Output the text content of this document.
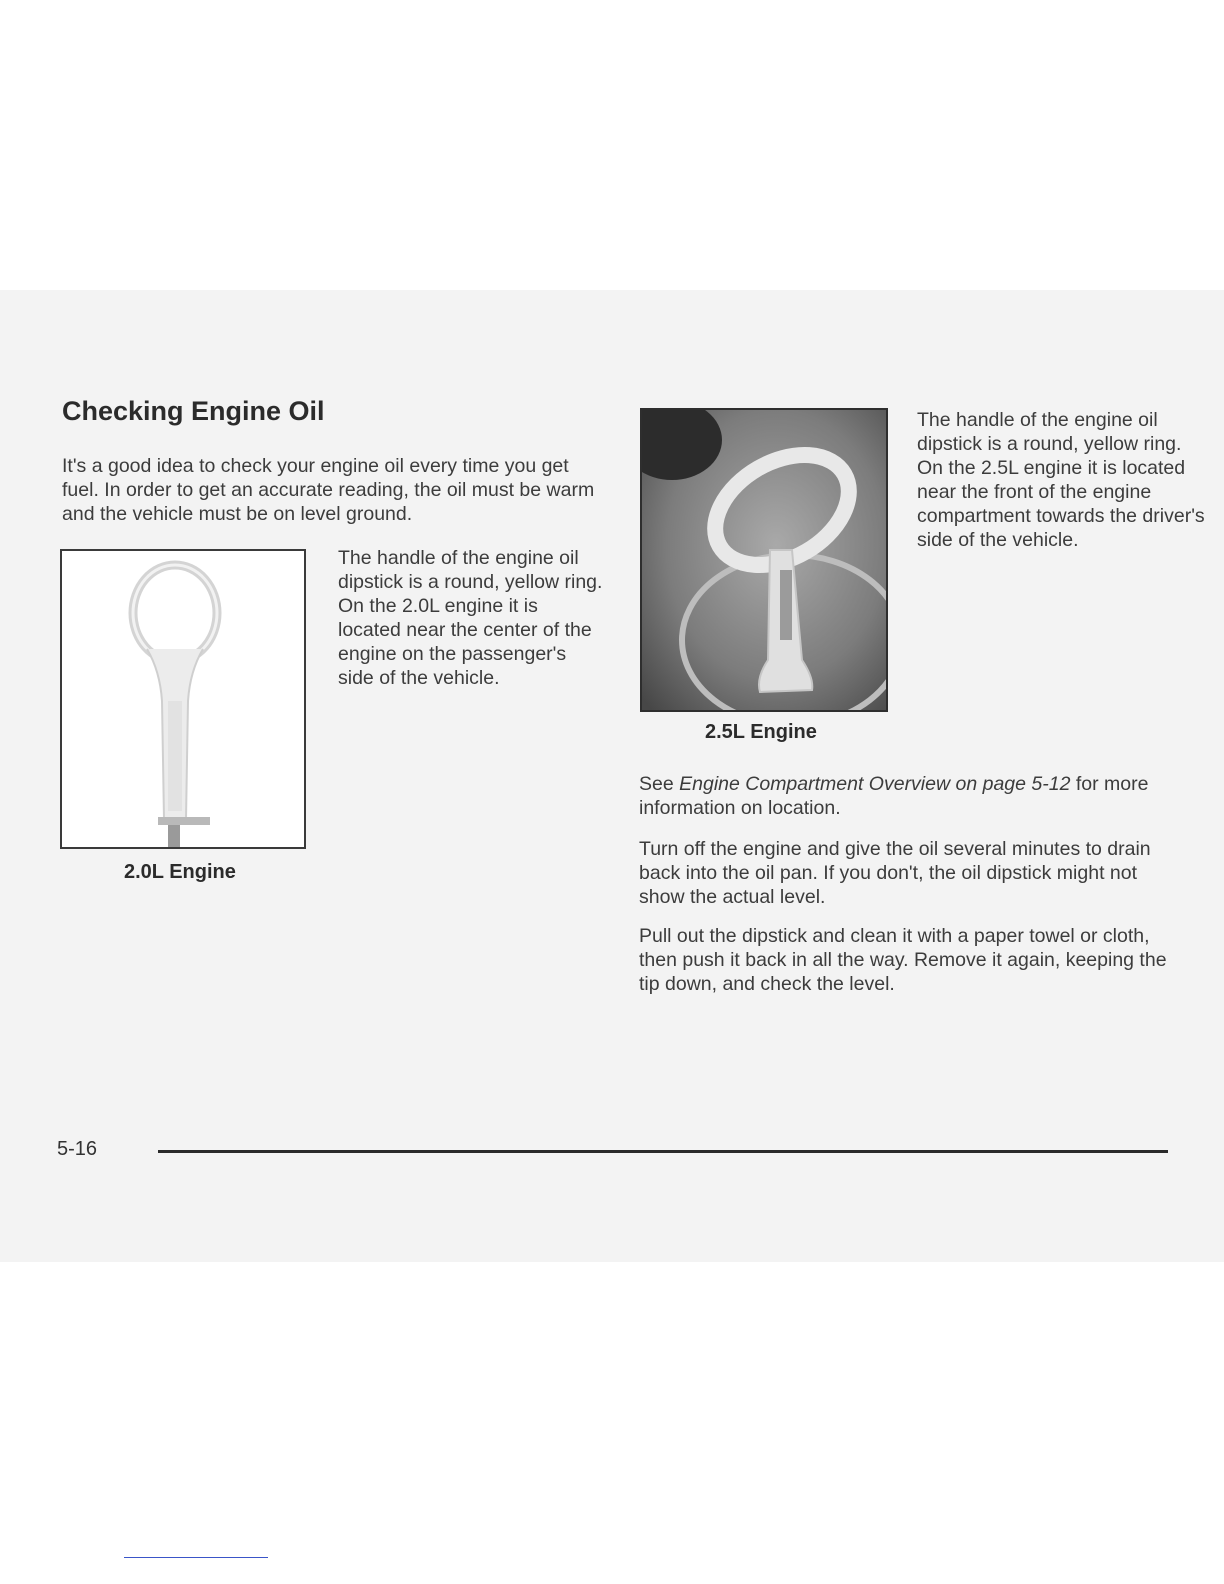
Checking Engine Oil

It's a good idea to check your engine oil every time you get fuel. In order to get an accurate reading, the oil must be warm and the vehicle must be on level ground.

2.0L Engine

The handle of the engine oil dipstick is a round, yellow ring. On the 2.0L engine it is located near the center of the engine on the passenger's side of the vehicle.

2.5L Engine

The handle of the engine oil dipstick is a round, yellow ring. On the 2.5L engine it is located near the front of the engine compartment towards the driver's side of the vehicle.

See Engine Compartment Overview on page 5-12 for more information on location.

Turn off the engine and give the oil several minutes to drain back into the oil pan. If you don't, the oil dipstick might not show the actual level.

Pull out the dipstick and clean it with a paper towel or cloth, then push it back in all the way. Remove it again, keeping the tip down, and check the level.

5-16
